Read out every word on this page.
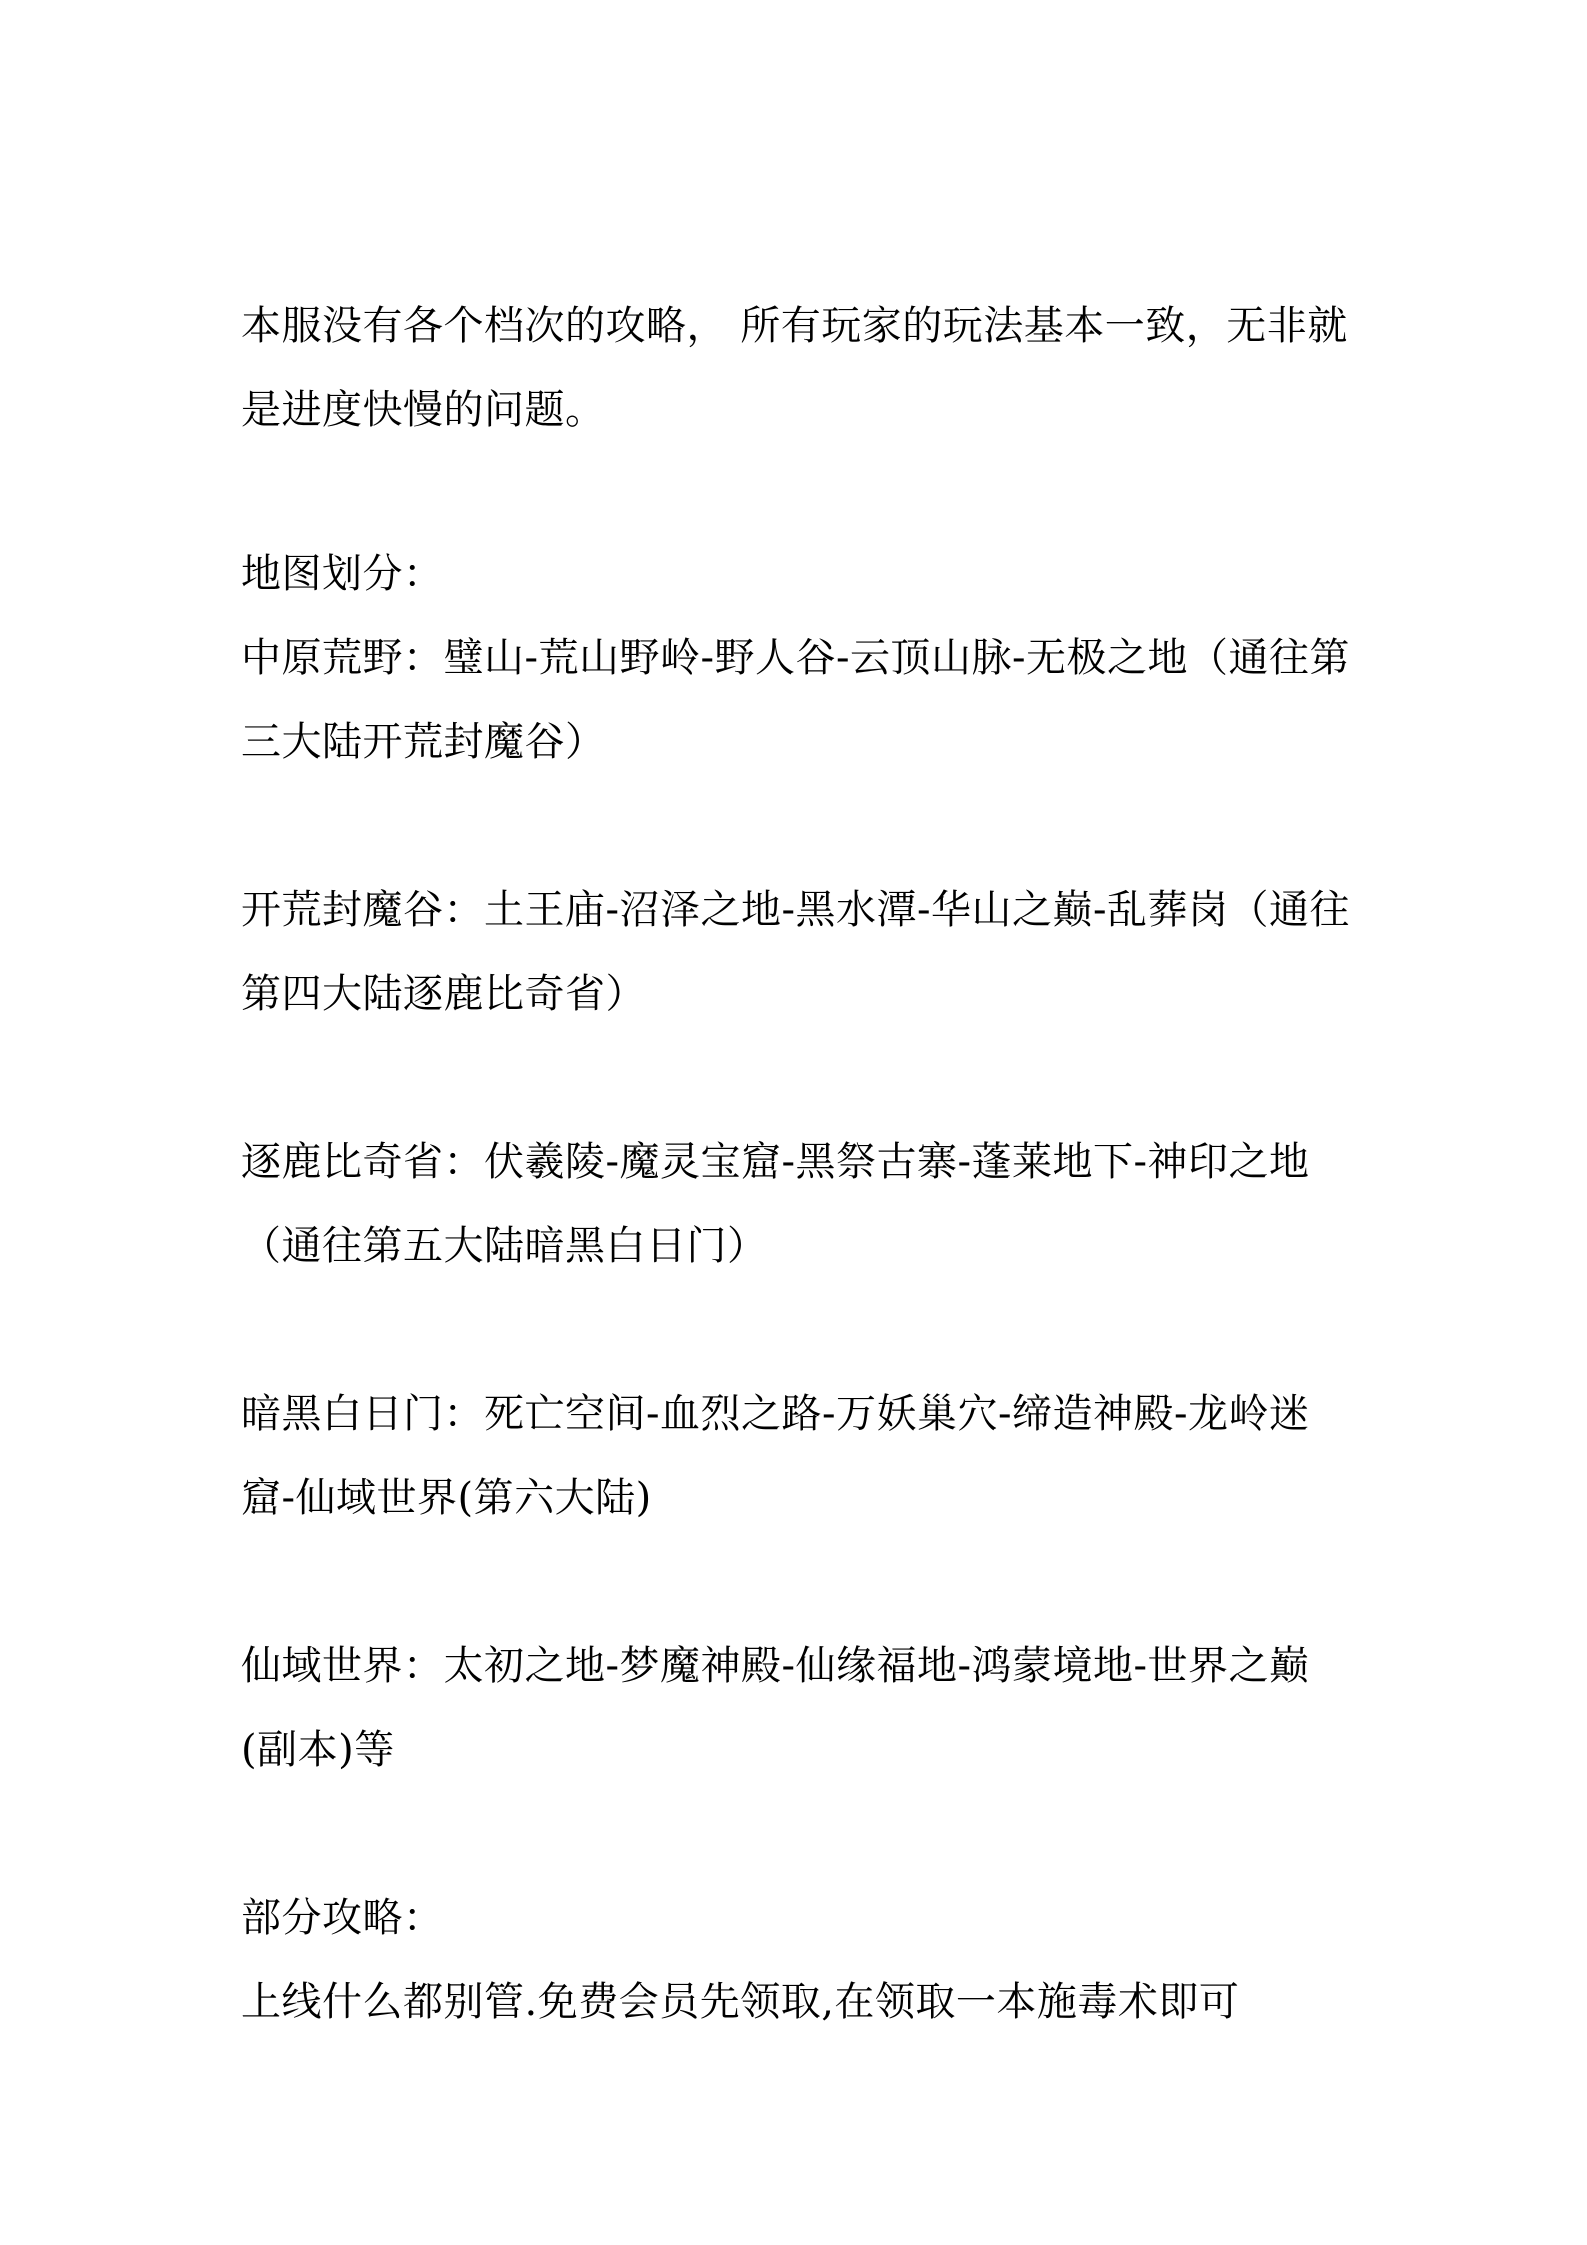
本服没有各个档次的攻略， 所有玩家的玩法基本一致，无非就是进度快慢的问题。

地图划分：

中原荒野：璧山-荒山野岭-野人谷-云顶山脉-无极之地（通往第三大陆开荒封魔谷）

开荒封魔谷：土王庙-沼泽之地-黑水潭-华山之巅-乱葬岗（通往第四大陆逐鹿比奇省）

逐鹿比奇省：伏羲陵-魔灵宝窟-黑祭古寨-蓬莱地下-神印之地（通往第五大陆暗黑白日门）

暗黑白日门：死亡空间-血烈之路-万妖巢穴-缔造神殿-龙岭迷窟-仙域世界(第六大陆)

仙域世界：太初之地-梦魔神殿-仙缘福地-鸿蒙境地-世界之巅(副本)等

部分攻略：

上线什么都别管.免费会员先领取,在领取一本施毒术即可
